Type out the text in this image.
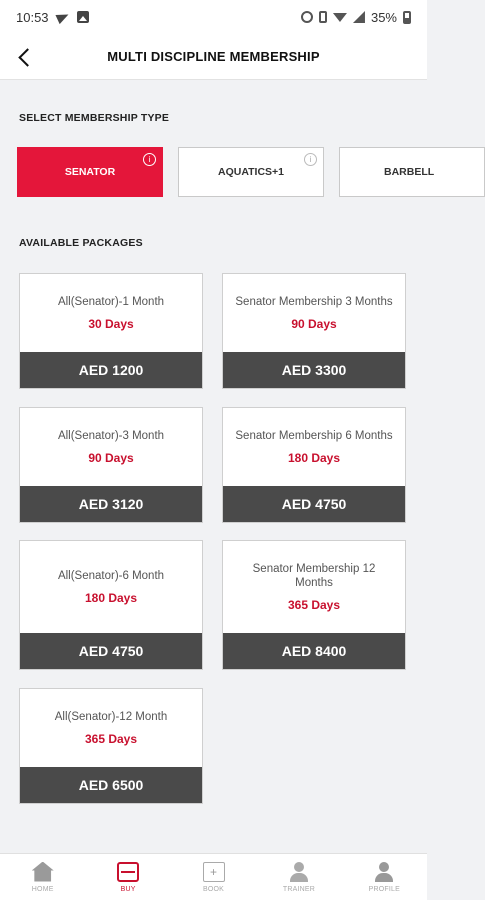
10:53	35%
MULTI DISCIPLINE MEMBERSHIP
SELECT MEMBERSHIP TYPE
SENATOR
i
AQUATICS+1
i
BARBELL
AVAILABLE PACKAGES
All(Senator)-1 Month
30 Days
AED 1200
Senator Membership 3 Months
90 Days
AED 3300
All(Senator)-3 Month
90 Days
AED 3120
Senator Membership 6 Months
180 Days
AED 4750
All(Senator)-6 Month
180 Days
AED 4750
Senator Membership 12 Months
365 Days
AED 8400
All(Senator)-12 Month
365 Days
AED 6500
HOME	BUY
+	BOOK	TRAINER	PROFILE
